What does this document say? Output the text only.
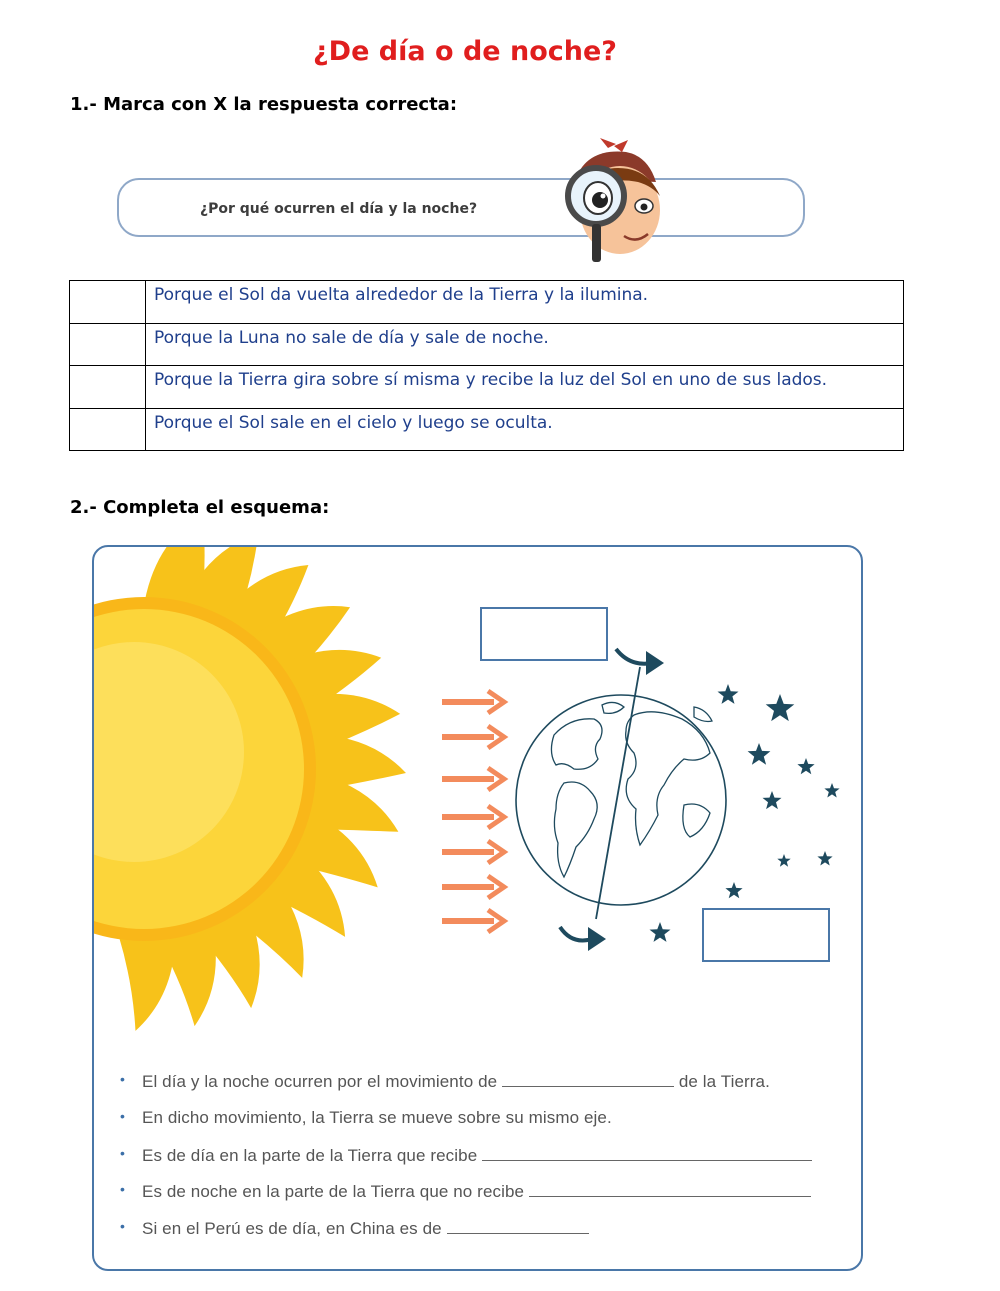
¿De día o de noche?
1.- Marca con X la respuesta correcta:
¿Por qué ocurren el día y la noche?
	Porque el Sol da vuelta alrededor de la Tierra y la ilumina.
	Porque la Luna no sale de día y sale de noche.
	Porque la Tierra gira sobre sí misma y recibe la luz del Sol en uno de sus lados.
	Porque el Sol sale en el cielo y luego se oculta.
2.- Completa el esquema:
• El día y la noche ocurren por el movimiento de	de la Tierra.
• En dicho movimiento, la Tierra se mueve sobre su mismo eje.
• Es de día en la parte de la Tierra que recibe
• Es de noche en la parte de la Tierra que no recibe
• Si en el Perú es de día, en China es de
